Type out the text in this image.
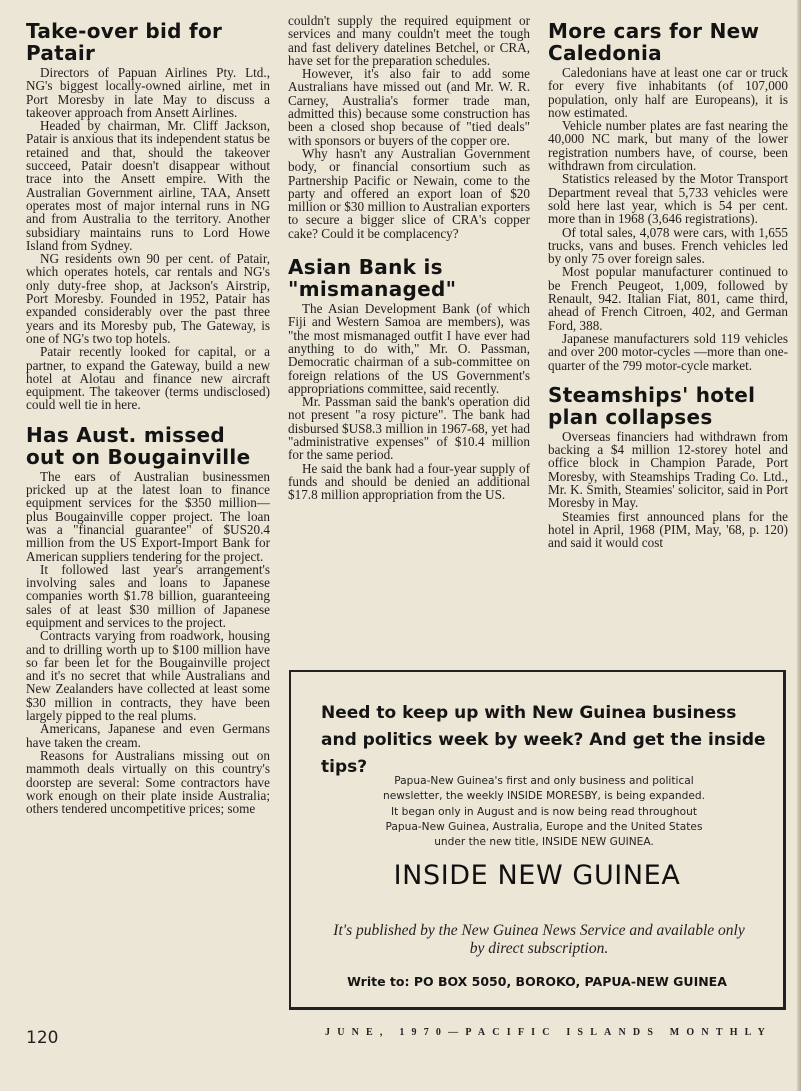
Take-over bid for Patair

Directors of Papuan Airlines Pty. Ltd., NG's biggest locally-owned airline, met in Port Moresby in late May to discuss a takeover approach from Ansett Airlines.

Headed by chairman, Mr. Cliff Jackson, Patair is anxious that its independent status be retained and that, should the takeover succeed, Patair doesn't disappear without trace into the Ansett empire. With the Australian Government airline, TAA, Ansett operates most of major internal runs in NG and from Australia to the territory. Another subsidiary maintains runs to Lord Howe Island from Sydney.

NG residents own 90 per cent. of Patair, which operates hotels, car rentals and NG's only duty-free shop, at Jackson's Airstrip, Port Moresby. Founded in 1952, Patair has expanded considerably over the past three years and its Moresby pub, The Gateway, is one of NG's two top hotels.

Patair recently looked for capital, or a partner, to expand the Gateway, build a new hotel at Alotau and finance new aircraft equipment. The takeover (terms undisclosed) could well tie in here.

Has Aust. missed out on Bougainville

The ears of Australian businessmen pricked up at the latest loan to finance equipment services for the $350 million—plus Bougainville copper project. The loan was a "financial guarantee" of $US20.4 million from the US Export-Import Bank for American suppliers tendering for the project.

It followed last year's arrangement's involving sales and loans to Japanese companies worth $1.78 billion, guaranteeing sales of at least $30 million of Japanese equipment and services to the project.

Contracts varying from roadwork, housing and to drilling worth up to $100 million have so far been let for the Bougainville project and it's no secret that while Australians and New Zealanders have collected at least some $30 million in contracts, they have been largely pipped to the real plums.

Americans, Japanese and even Germans have taken the cream.

Reasons for Australians missing out on mammoth deals virtually on this country's doorstep are several: Some contractors have work enough on their plate inside Australia; others tendered uncompetitive prices; some

couldn't supply the required equipment or services and many couldn't meet the tough and fast delivery datelines Betchel, or CRA, have set for the preparation schedules.

However, it's also fair to add some Australians have missed out (and Mr. W. R. Carney, Australia's former trade man, admitted this) because some construction has been a closed shop because of "tied deals" with sponsors or buyers of the copper ore.

Why hasn't any Australian Government body, or financial consortium such as Partnership Pacific or Newain, come to the party and offered an export loan of $20 million or $30 million to Australian exporters to secure a bigger slice of CRA's copper cake? Could it be complacency?

Asian Bank is "mismanaged"

The Asian Development Bank (of which Fiji and Western Samoa are members), was "the most mismanaged outfit I have ever had anything to do with," Mr. O. Passman, Democratic chairman of a sub-committee on foreign relations of the US Government's appropriations committee, said recently.

Mr. Passman said the bank's operation did not present "a rosy picture". The bank had disbursed $US8.3 million in 1967-68, yet had "administrative expenses" of $10.4 million for the same period.

He said the bank had a four-year supply of funds and should be denied an additional $17.8 million appropriation from the US.

More cars for New Caledonia

Caledonians have at least one car or truck for every five inhabitants (of 107,000 population, only half are Europeans), it is now estimated.

Vehicle number plates are fast nearing the 40,000 NC mark, but many of the lower registration numbers have, of course, been withdrawn from circulation.

Statistics released by the Motor Transport Department reveal that 5,733 vehicles were sold here last year, which is 54 per cent. more than in 1968 (3,646 registrations).

Of total sales, 4,078 were cars, with 1,655 trucks, vans and buses. French vehicles led by only 75 over foreign sales.

Most popular manufacturer continued to be French Peugeot, 1,009, followed by Renault, 942. Italian Fiat, 801, came third, ahead of French Citroen, 402, and German Ford, 388.

Japanese manufacturers sold 119 vehicles and over 200 motor-cycles —more than one-quarter of the 799 motor-cycle market.

Steamships' hotel plan collapses

Overseas financiers had withdrawn from backing a $4 million 12-storey hotel and office block in Champion Parade, Port Moresby, with Steamships Trading Co. Ltd., Mr. K. Smith, Steamies' solicitor, said in Port Moresby in May.

Steamies first announced plans for the hotel in April, 1968 (PIM, May, '68, p. 120) and said it would cost

Need to keep up with New Guinea business and politics week by week? And get the inside tips?
Papua-New Guinea's first and only business and political newsletter, the weekly INSIDE MORESBY, is being expanded. It began only in August and is now being read throughout Papua-New Guinea, Australia, Europe and the United States under the new title, INSIDE NEW GUINEA.
INSIDE NEW GUINEA
It's published by the New Guinea News Service and available only by direct subscription.
Write to: PO BOX 5050, BOROKO, PAPUA-NEW GUINEA
120	JUNE, 1970—PACIFIC ISLANDS MONTHLY
